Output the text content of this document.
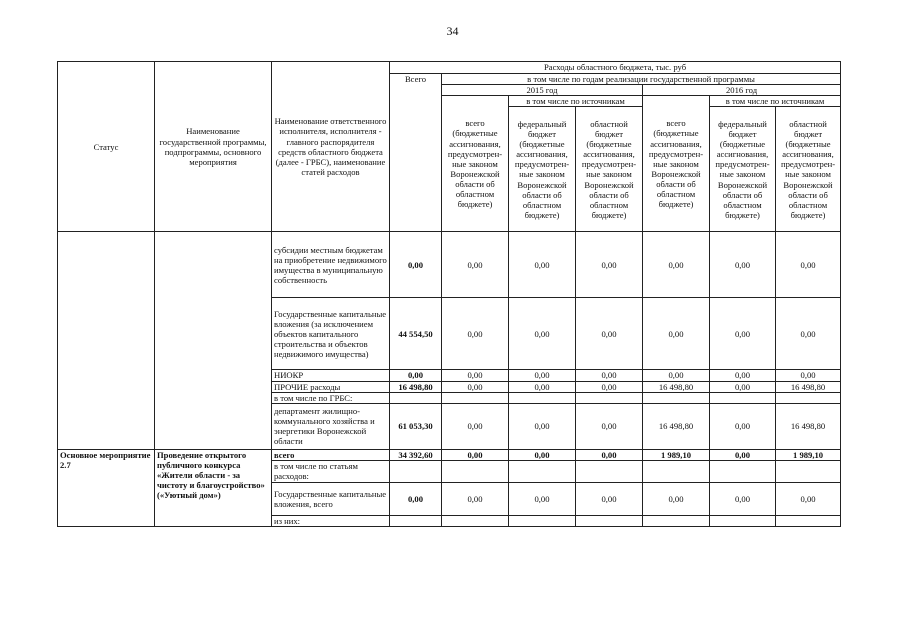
34
Статус	Наименование государственной программы, подпрограммы, основного мероприятия	Наименование ответственного исполнителя, исполнителя - главного распорядителя средств областного бюджета (далее - ГРБС), наименование статей расходов	Расходы областного бюджета, тыс. руб						
			Всего	в том числе по годам реализации государственной программы					
				2015 год			2016 год		
				всего (бюджетные ассигнования, предусмотрен-ные законом Воронежской области об областном бюджете)	в том числе по источникам		всего (бюджетные ассигнования, предусмотрен-ные законом Воронежской области об областном бюджете)	в том числе по источникам	
					федеральный бюджет (бюджетные ассигнования, предусмотрен-ные законом Воронежской области об областном бюджете)	областной бюджет (бюджетные ассигнования, предусмотрен-ные законом Воронежской области об областном бюджете)		федеральный бюджет (бюджетные ассигнования, предусмотрен-ные законом Воронежской области об областном бюджете)	областной бюджет (бюджетные ассигнования, предусмотрен-ные законом Воронежской области об областном бюджете)
		субсидии местным бюджетам на приобретение недвижимого имущества в муниципальную собственность	0,00	0,00	0,00	0,00	0,00	0,00	0,00
		Государственные капитальные вложения (за исключением объектов капитального строительства и объектов недвижимого имущества)	44 554,50	0,00	0,00	0,00	0,00	0,00	0,00
		НИОКР	0,00	0,00	0,00	0,00	0,00	0,00	0,00
		ПРОЧИЕ расходы	16 498,80	0,00	0,00	0,00	16 498,80	0,00	16 498,80
		в том числе по ГРБС:							
		департамент жилищно-коммунального хозяйства и энергетики Воронежской области	61 053,30	0,00	0,00	0,00	16 498,80	0,00	16 498,80
Основное мероприятие 2.7	Проведение открытого публичного конкурса «Жители области - за чистоту и благоустройство» («Уютный дом»)	всего	34 392,60	0,00	0,00	0,00	1 989,10	0,00	1 989,10
		в том числе по статьям расходов:							
		Государственные капитальные вложения, всего	0,00	0,00	0,00	0,00	0,00	0,00	0,00
		из них:							
